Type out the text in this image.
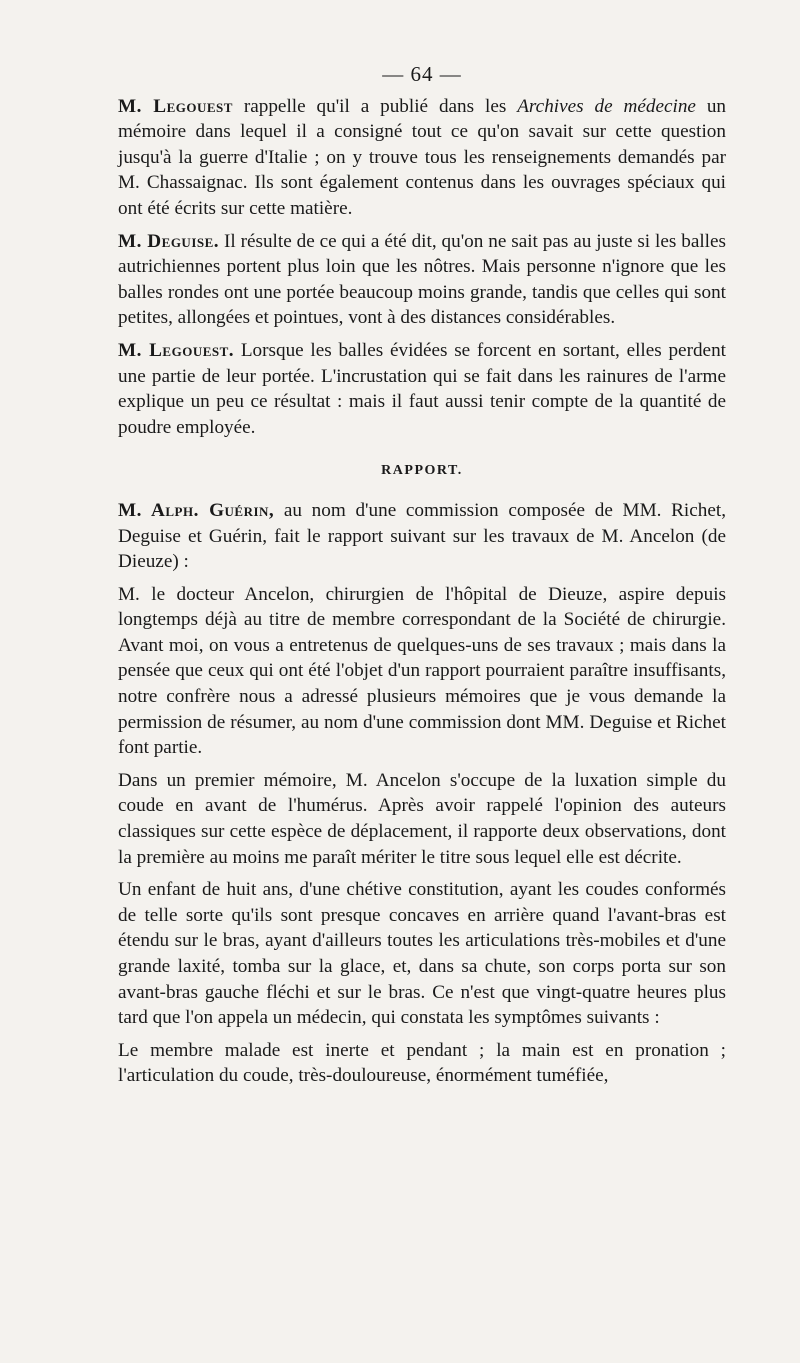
— 64 —

M. Legouest rappelle qu'il a publié dans les Archives de médecine un mémoire dans lequel il a consigné tout ce qu'on savait sur cette question jusqu'à la guerre d'Italie ; on y trouve tous les renseignements demandés par M. Chassaignac. Ils sont également contenus dans les ouvrages spéciaux qui ont été écrits sur cette matière.

M. Deguise. Il résulte de ce qui a été dit, qu'on ne sait pas au juste si les balles autrichiennes portent plus loin que les nôtres. Mais personne n'ignore que les balles rondes ont une portée beaucoup moins grande, tandis que celles qui sont petites, allongées et pointues, vont à des distances considérables.

M. Legouest. Lorsque les balles évidées se forcent en sortant, elles perdent une partie de leur portée. L'incrustation qui se fait dans les rainures de l'arme explique un peu ce résultat : mais il faut aussi tenir compte de la quantité de poudre employée.

RAPPORT.

M. Alph. Guérin, au nom d'une commission composée de MM. Richet, Deguise et Guérin, fait le rapport suivant sur les travaux de M. Ancelon (de Dieuze) :

M. le docteur Ancelon, chirurgien de l'hôpital de Dieuze, aspire depuis longtemps déjà au titre de membre correspondant de la Société de chirurgie. Avant moi, on vous a entretenus de quelques-uns de ses travaux ; mais dans la pensée que ceux qui ont été l'objet d'un rapport pourraient paraître insuffisants, notre confrère nous a adressé plusieurs mémoires que je vous demande la permission de résumer, au nom d'une commission dont MM. Deguise et Richet font partie.

Dans un premier mémoire, M. Ancelon s'occupe de la luxation simple du coude en avant de l'humérus. Après avoir rappelé l'opinion des auteurs classiques sur cette espèce de déplacement, il rapporte deux observations, dont la première au moins me paraît mériter le titre sous lequel elle est décrite.

Un enfant de huit ans, d'une chétive constitution, ayant les coudes conformés de telle sorte qu'ils sont presque concaves en arrière quand l'avant-bras est étendu sur le bras, ayant d'ailleurs toutes les articulations très-mobiles et d'une grande laxité, tomba sur la glace, et, dans sa chute, son corps porta sur son avant-bras gauche fléchi et sur le bras. Ce n'est que vingt-quatre heures plus tard que l'on appela un médecin, qui constata les symptômes suivants :

Le membre malade est inerte et pendant ; la main est en pronation ; l'articulation du coude, très-douloureuse, énormément tuméfiée,
